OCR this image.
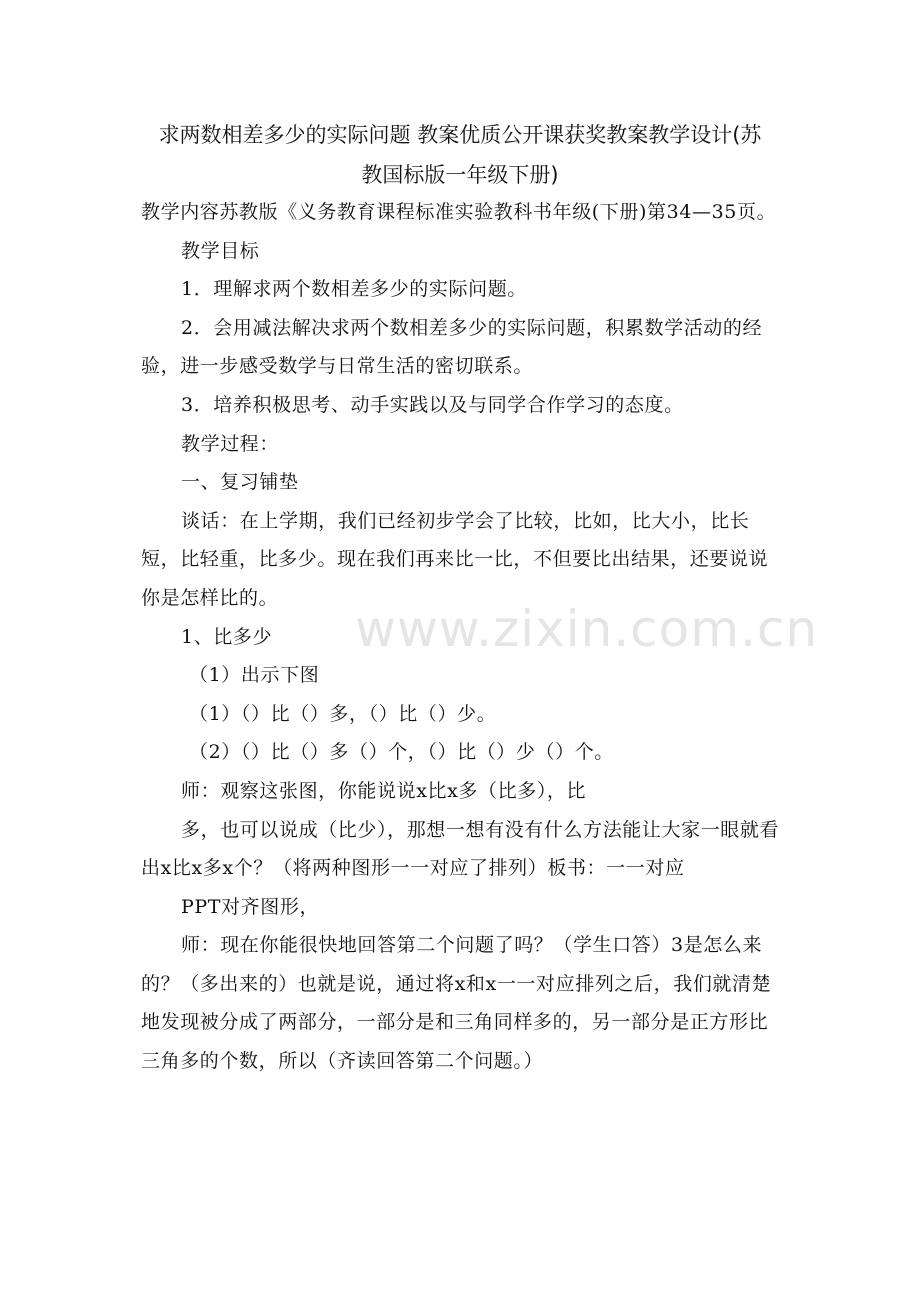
求两数相差多少的实际问题 教案优质公开课获奖教案教学设计(苏
教国标版一年级下册)

教学内容苏教版《义务教育课程标准实验教科书年级(下册)第34—35页。

教学目标

1．理解求两个数相差多少的实际问题。

2．会用减法解决求两个数相差多少的实际问题，积累数学活动的经验，进一步感受数学与日常生活的密切联系。

3．培养积极思考、动手实践以及与同学合作学习的态度。

教学过程：

一、复习铺垫

谈话：在上学期，我们已经初步学会了比较，比如，比大小，比长短，比轻重，比多少。现在我们再来比一比，不但要比出结果，还要说说你是怎样比的。

1、比多少

（1）出示下图

（1）（）比（）多，（）比（）少。

（2）（）比（）多（）个，（）比（）少（）个。

师：观察这张图，你能说说x比x多（比多），比

多，也可以说成（比少），那想一想有没有什么方法能让大家一眼就看出x比x多x个？（将两种图形一一对应了排列）板书：一一对应

PPT对齐图形，

师：现在你能很快地回答第二个问题了吗？（学生口答）3是怎么来的？（多出来的）也就是说，通过将x和x一一对应排列之后，我们就清楚地发现被分成了两部分，一部分是和三角同样多的，另一部分是正方形比三角多的个数，所以（齐读回答第二个问题。）

www.zixin.com.cn
